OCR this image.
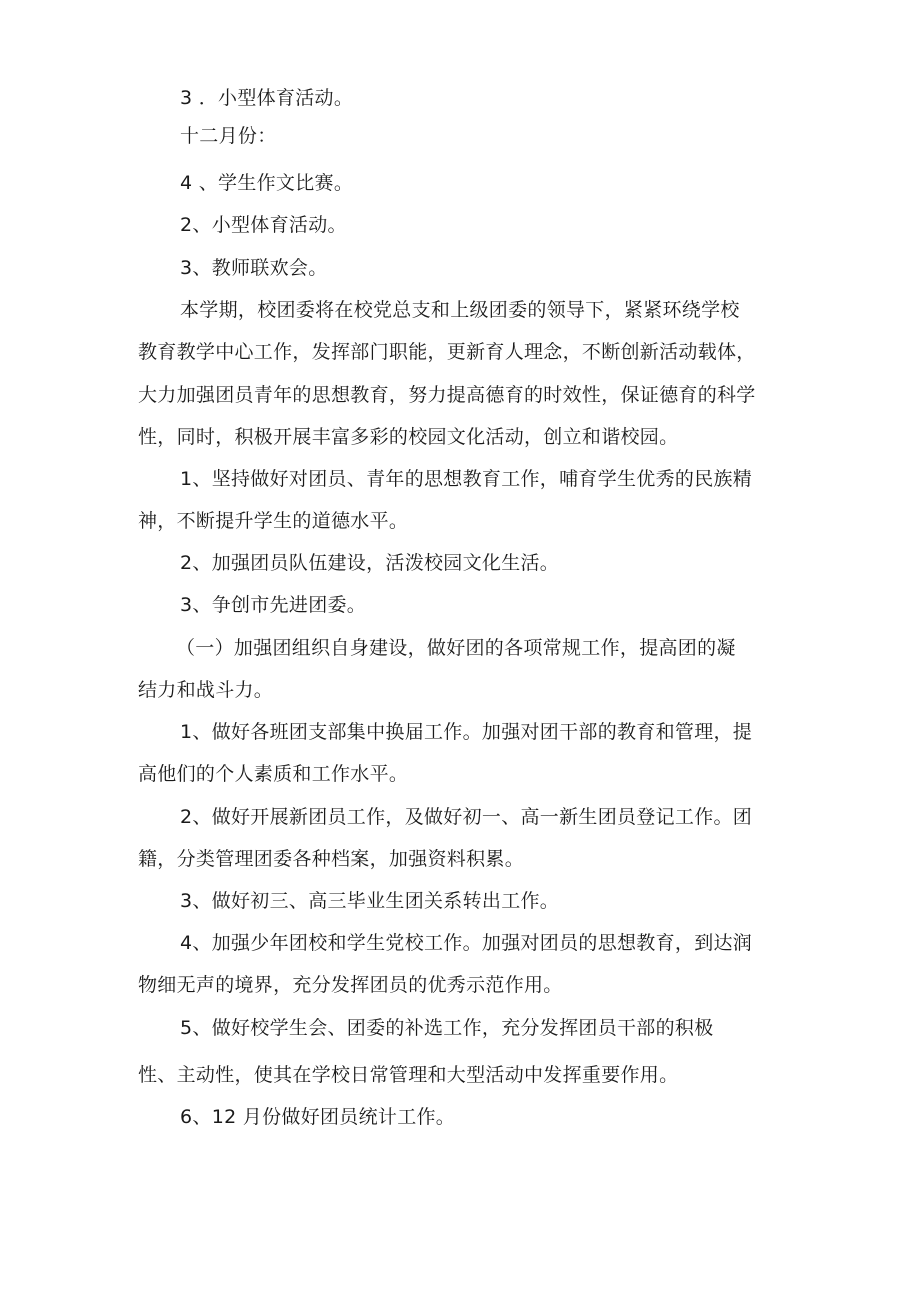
3 ．小型体育活动。
十二月份：
4 、学生作文比赛。
2、小型体育活动。
3、教师联欢会。
本学期，校团委将在校党总支和上级团委的领导下，紧紧环绕学校
教育教学中心工作，发挥部门职能，更新育人理念，不断创新活动载体，
大力加强团员青年的思想教育，努力提高德育的时效性，保证德育的科学
性，同时，积极开展丰富多彩的校园文化活动，创立和谐校园。
1、坚持做好对团员、青年的思想教育工作，哺育学生优秀的民族精
神，不断提升学生的道德水平。
2、加强团员队伍建设，活泼校园文化生活。
3、争创市先进团委。
（一）加强团组织自身建设，做好团的各项常规工作，提高团的凝
结力和战斗力。
1、做好各班团支部集中换届工作。加强对团干部的教育和管理，提
高他们的个人素质和工作水平。
2、做好开展新团员工作，及做好初一、高一新生团员登记工作。团
籍，分类管理团委各种档案，加强资料积累。
3、做好初三、高三毕业生团关系转出工作。
4、加强少年团校和学生党校工作。加强对团员的思想教育，到达润
物细无声的境界，充分发挥团员的优秀示范作用。
5、做好校学生会、团委的补选工作，充分发挥团员干部的积极
性、主动性，使其在学校日常管理和大型活动中发挥重要作用。
6、12 月份做好团员统计工作。
